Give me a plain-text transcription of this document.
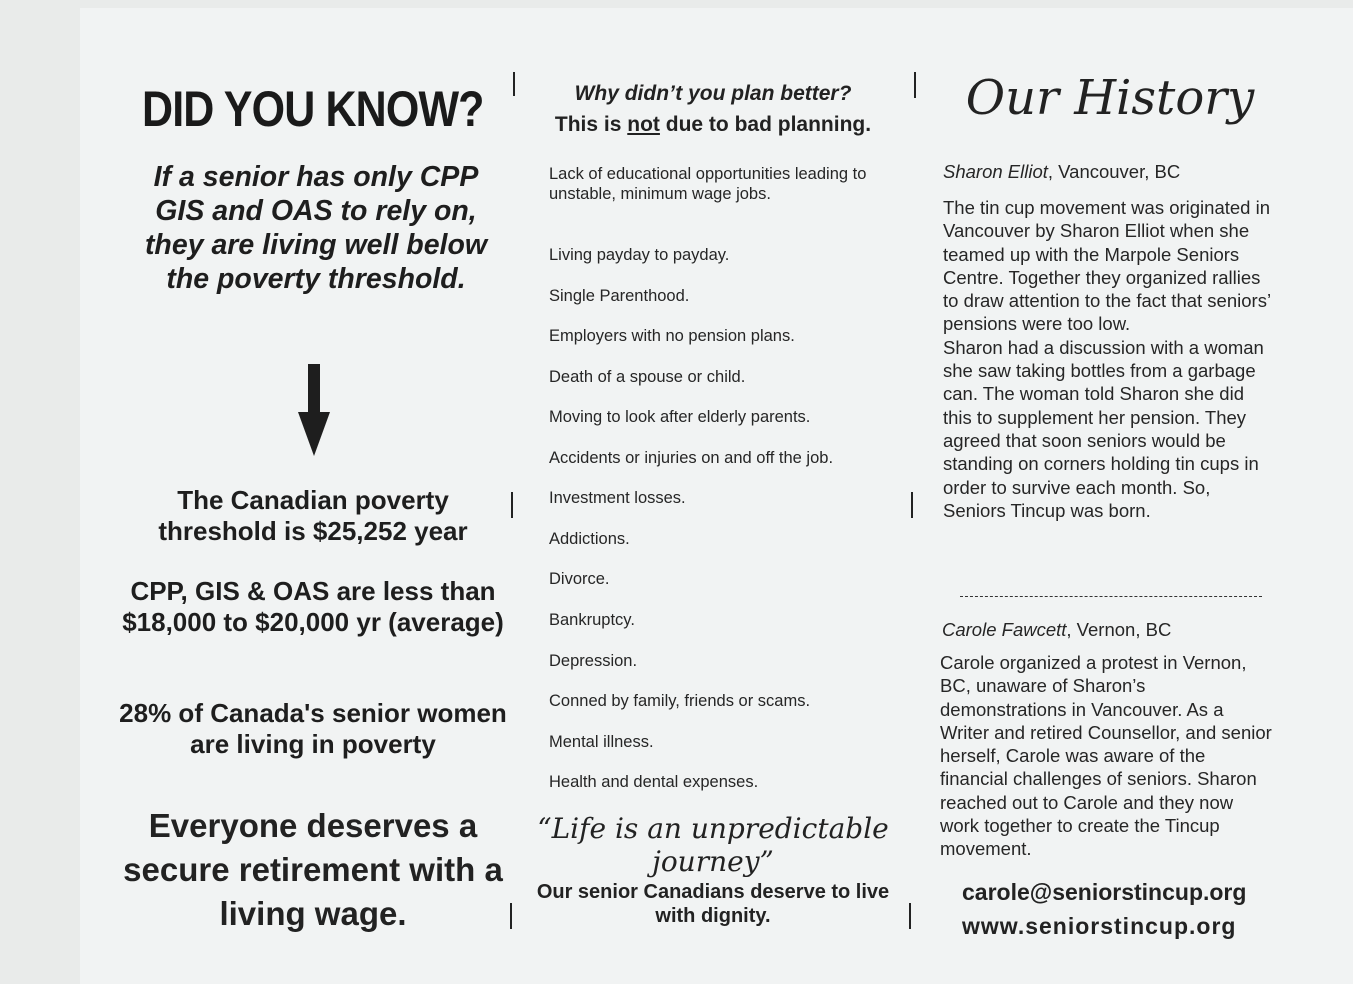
DID YOU KNOW?
If a senior has only CPP GIS and OAS to rely on, they are living well below the poverty threshold.
The Canadian poverty threshold is $25,252 year
CPP, GIS & OAS are less than $18,000 to $20,000 yr (average)
28% of Canada's senior women are living in poverty
Everyone deserves a secure retirement with a living wage.
Why didn’t you plan better?
This is not due to bad planning.
Lack of educational opportunities leading to unstable, minimum wage jobs.
Living payday to payday.
Single Parenthood.
Employers with no pension plans.
Death of a spouse or child.
Moving to look after elderly parents.
Accidents or injuries on and off the job.
Investment losses.
Addictions.
Divorce.
Bankruptcy.
Depression.
Conned by family, friends or scams.
Mental illness.
Health and dental expenses.
“Life is an unpredictable journey”
Our senior Canadians deserve to live with dignity.
Our History
Sharon Elliot, Vancouver, BC
The tin cup movement was originated in Vancouver by Sharon Elliot when she teamed up with the Marpole Seniors Centre. Together they organized rallies to draw attention to the fact that seniors’ pensions were too low.
Sharon had a discussion with a woman she saw taking bottles from a garbage can. The woman told Sharon she did this to supplement her pension. They agreed that soon seniors would be standing on corners holding tin cups in order to survive each month. So, Seniors Tincup was born.
Carole Fawcett, Vernon, BC
Carole organized a protest in Vernon, BC, unaware of Sharon’s demonstrations in Vancouver. As a Writer and retired Counsellor, and senior herself, Carole was aware of the financial challenges of seniors. Sharon reached out to Carole and they now work together to create the Tincup movement.
carole@seniorstincup.org
www.seniorstincup.org
